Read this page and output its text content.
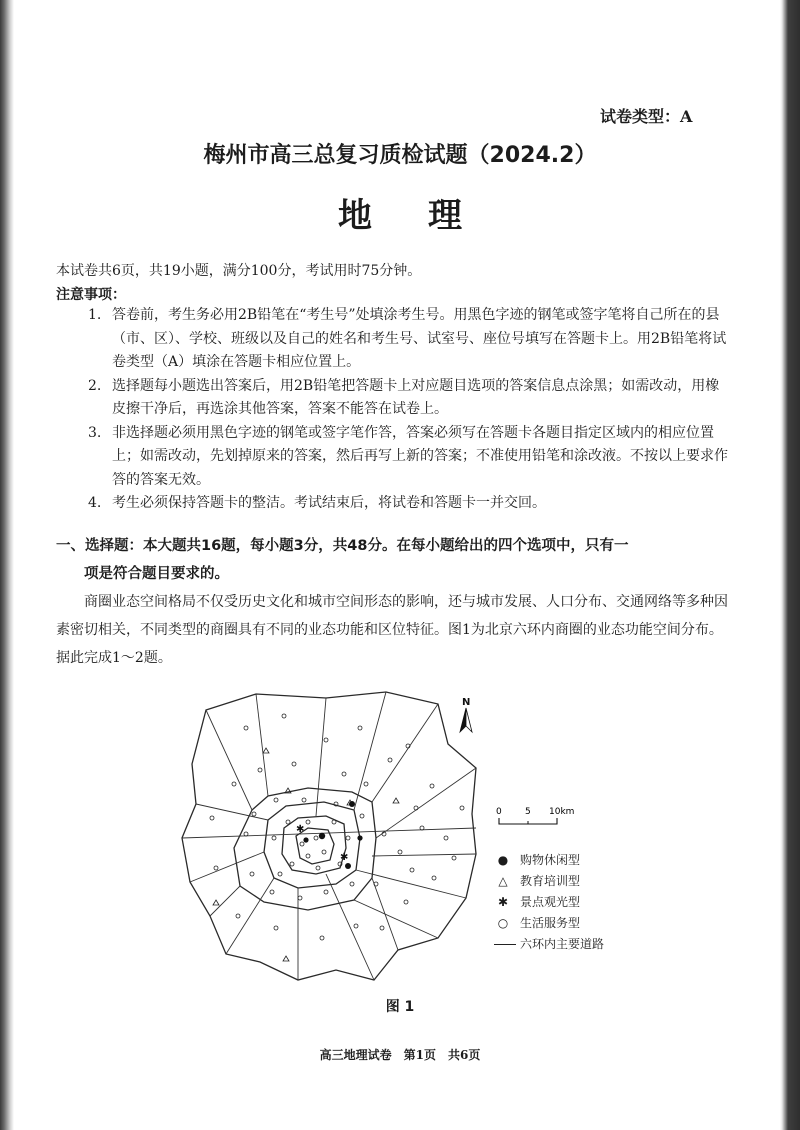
试卷类型：A

梅州市高三总复习质检试题（2024.2）
地理

本试卷共6页，共19小题，满分100分，考试用时75分钟。

注意事项：

1. 答卷前，考生务必用2B铅笔在“考生号”处填涂考生号。用黑色字迹的钢笔或签字笔将自己所在的县（市、区）、学校、班级以及自己的姓名和考生号、试室号、座位号填写在答题卡上。用2B铅笔将试卷类型（A）填涂在答题卡相应位置上。
2. 选择题每小题选出答案后，用2B铅笔把答题卡上对应题目选项的答案信息点涂黑；如需改动，用橡皮擦干净后，再选涂其他答案，答案不能答在试卷上。
3. 非选择题必须用黑色字迹的钢笔或签字笔作答，答案必须写在答题卡各题目指定区域内的相应位置上；如需改动，先划掉原来的答案，然后再写上新的答案；不准使用铅笔和涂改液。不按以上要求作答的答案无效。
4. 考生必须保持答题卡的整洁。考试结束后，将试卷和答题卡一并交回。
一、选择题：本大题共16题，每小题3分，共48分。在每小题给出的四个选项中，只有一
项是符合题目要求的。

商圈业态空间格局不仅受历史文化和城市空间形态的影响，还与城市发展、人口分布、交通网络等多种因素密切相关，不同类型的商圈具有不同的业态功能和区位特征。图1为北京六环内商圈的业态功能空间分布。据此完成1～2题。

✱
✱
N
0	5 10km
● 购物休闲型
△	教育培训型
✱ 景点观光型
○ 生活服务型
六环内主要道路

图 1

高三地理试卷　第1页　共6页
